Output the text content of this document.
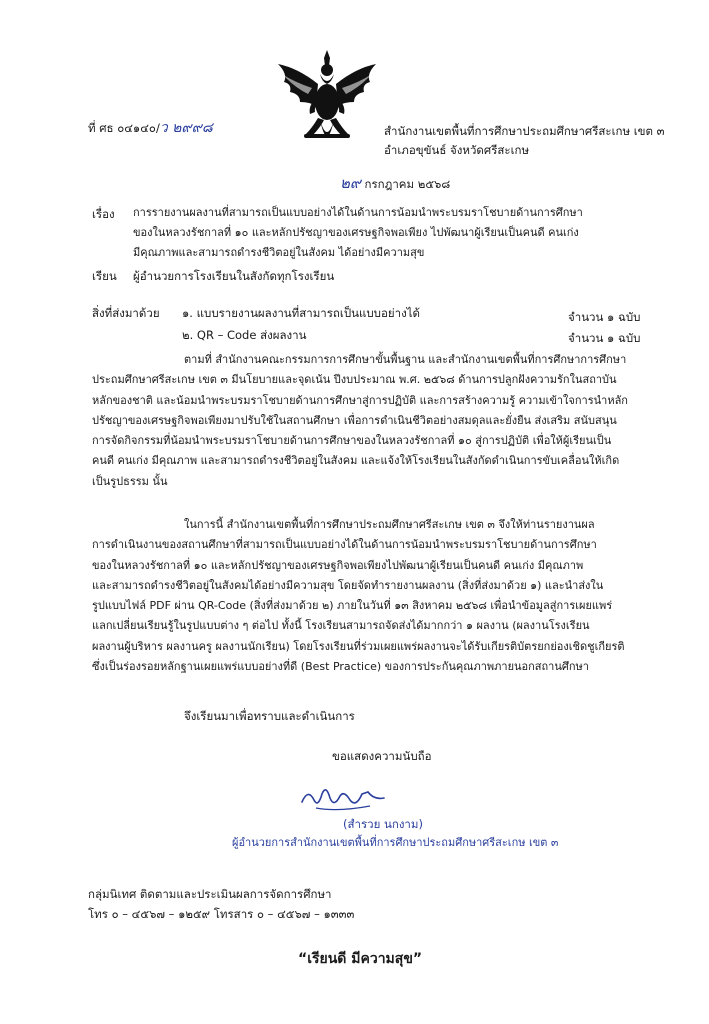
ที่ ศธ ๐๔๑๔๐/ว ๒๙๙๘	สำนักงานเขตพื้นที่การศึกษาประถมศึกษาศรีสะเกษ เขต ๓
อำเภอขุขันธ์ จังหวัดศรีสะเกษ
๒๙ กรกฎาคม ๒๕๖๘
เรื่อง การรายงานผลงานที่สามารถเป็นแบบอย่างได้ในด้านการน้อมนำพระบรมราโชบายด้านการศึกษา

ของในหลวงรัชกาลที่ ๑๐ และหลักปรัชญาของเศรษฐกิจพอเพียง ไปพัฒนาผู้เรียนเป็นคนดี คนเก่ง

มีคุณภาพและสามารถดำรงชีวิตอยู่ในสังคม ได้อย่างมีความสุข

เรียน ผู้อำนวยการโรงเรียนในสังกัดทุกโรงเรียน
สิ่งที่ส่งมาด้วย ๑. แบบรายงานผลงานที่สามารถเป็นแบบอย่างได้	จำนวน ๑ ฉบับ
๒. QR – Code ส่งผลงาน	จำนวน ๑ ฉบับ

ตามที่ สำนักงานคณะกรรมการการศึกษาขั้นพื้นฐาน และสำนักงานเขตพื้นที่การศึกษาการศึกษา

ประถมศึกษาศรีสะเกษ เขต ๓ มีนโยบายและจุดเน้น ปีงบประมาณ พ.ศ. ๒๕๖๘ ด้านการปลูกฝังความรักในสถาบัน

หลักของชาติ และน้อมนำพระบรมราโชบายด้านการศึกษาสู่การปฏิบัติ และการสร้างความรู้ ความเข้าใจการนำหลัก

ปรัชญาของเศรษฐกิจพอเพียงมาปรับใช้ในสถานศึกษา เพื่อการดำเนินชีวิตอย่างสมดุลและยั่งยืน ส่งเสริม สนับสนุน

การจัดกิจกรรมที่น้อมนำพระบรมราโชบายด้านการศึกษาของในหลวงรัชกาลที่ ๑๐ สู่การปฏิบัติ เพื่อให้ผู้เรียนเป็น

คนดี คนเก่ง มีคุณภาพ และสามารถดำรงชีวิตอยู่ในสังคม และแจ้งให้โรงเรียนในสังกัดดำเนินการขับเคลื่อนให้เกิด

เป็นรูปธรรม นั้น

ในการนี้ สำนักงานเขตพื้นที่การศึกษาประถมศึกษาศรีสะเกษ เขต ๓ จึงให้ท่านรายงานผล

การดำเนินงานของสถานศึกษาที่สามารถเป็นแบบอย่างได้ในด้านการน้อมนำพระบรมราโชบายด้านการศึกษา

ของในหลวงรัชกาลที่ ๑๐ และหลักปรัชญาของเศรษฐกิจพอเพียงไปพัฒนาผู้เรียนเป็นคนดี คนเก่ง มีคุณภาพ

และสามารถดำรงชีวิตอยู่ในสังคมได้อย่างมีความสุข โดยจัดทำรายงานผลงาน (สิ่งที่ส่งมาด้วย ๑) และนำส่งใน

รูปแบบไฟล์ PDF ผ่าน QR-Code (สิ่งที่ส่งมาด้วย ๒) ภายในวันที่ ๑๓ สิงหาคม ๒๕๖๘ เพื่อนำข้อมูลสู่การเผยแพร่

แลกเปลี่ยนเรียนรู้ในรูปแบบต่าง ๆ ต่อไป ทั้งนี้ โรงเรียนสามารถจัดส่งได้มากกว่า ๑ ผลงาน (ผลงานโรงเรียน

ผลงานผู้บริหาร ผลงานครู ผลงานนักเรียน) โดยโรงเรียนที่ร่วมเผยแพร่ผลงานจะได้รับเกียรติบัตรยกย่องเชิดชูเกียรติ

ซึ่งเป็นร่องรอยหลักฐานเผยแพร่แบบอย่างที่ดี (Best Practice) ของการประกันคุณภาพภายนอกสถานศึกษา

จึงเรียนมาเพื่อทราบและดำเนินการ
ขอแสดงความนับถือ
(สำรวย นกงาม)
ผู้อำนวยการสำนักงานเขตพื้นที่การศึกษาประถมศึกษาศรีสะเกษ เขต ๓
กลุ่มนิเทศ ติดตามและประเมินผลการจัดการศึกษา
โทร ๐ – ๔๕๖๗ – ๑๒๕๙ โทรสาร ๐ – ๔๕๖๗ – ๑๓๓๓
“เรียนดี มีความสุข”
